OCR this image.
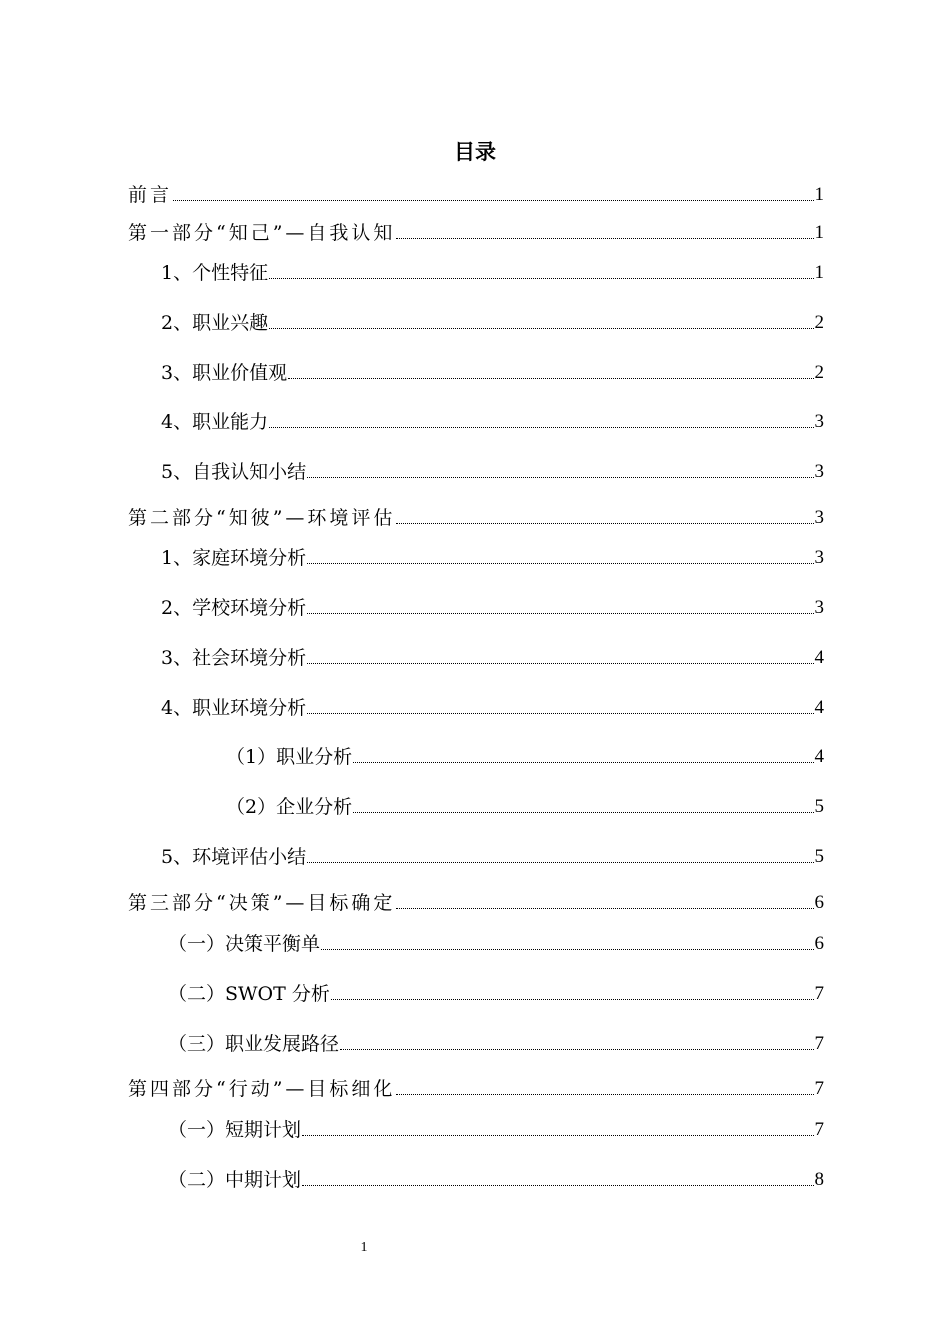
目录
前言	1
第一部分“知己”—自我认知	1
1、个性特征	1
2、职业兴趣	2
3、职业价值观	2
4、职业能力	3
5、自我认知小结	3
第二部分“知彼”—环境评估	3
1、家庭环境分析	3
2、学校环境分析	3
3、社会环境分析	4
4、职业环境分析	4
（1）职业分析	4
（2）企业分析	5
5、环境评估小结	5
第三部分“决策”—目标确定	6
（一）决策平衡单	6
（二）SWOT 分析	7
（三）职业发展路径	7
第四部分“行动”—目标细化	7
（一）短期计划	7
（二）中期计划	8
1
